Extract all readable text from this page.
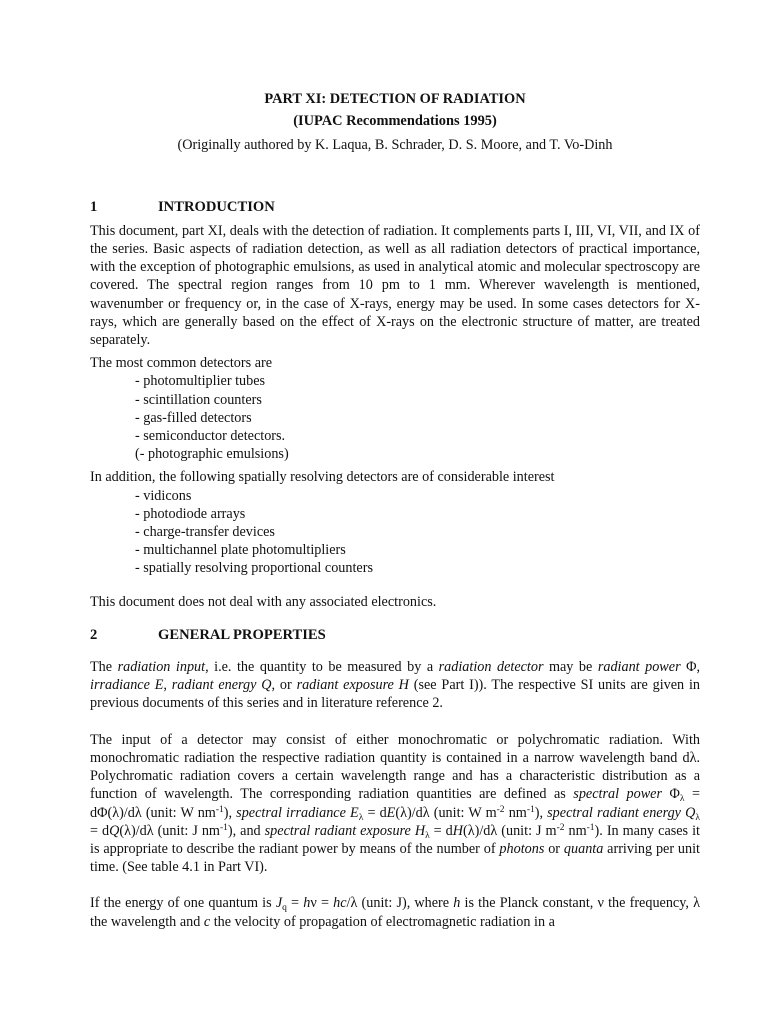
PART XI: DETECTION OF RADIATION

(IUPAC Recommendations 1995)

(Originally authored by K. Laqua, B. Schrader, D. S. Moore, and T. Vo-Dinh

1	INTRODUCTION

This document, part XI, deals with the detection of radiation. It complements parts I, III, VI, VII, and IX of the series. Basic aspects of radiation detection, as well as all radiation detectors of practical importance, with the exception of photographic emulsions, as used in analytical atomic and molecular spectroscopy are covered. The spectral region ranges from 10 pm to 1 mm. Wherever wavelength is mentioned, wavenumber or frequency or, in the case of X-rays, energy may be used. In some cases detectors for X-rays, which are generally based on the effect of X-rays on the electronic structure of matter, are treated separately.

The most common detectors are

- photomultiplier tubes
- scintillation counters
- gas-filled detectors
- semiconductor detectors.
(- photographic emulsions)

In addition, the following spatially resolving detectors are of considerable interest

- vidicons
- photodiode arrays
- charge-transfer devices
- multichannel plate photomultipliers
- spatially resolving proportional counters

This document does not deal with any associated electronics.

2	GENERAL PROPERTIES

The radiation input, i.e. the quantity to be measured by a radiation detector may be radiant power Φ, irradiance E, radiant energy Q, or radiant exposure H (see Part I)). The respective SI units are given in previous documents of this series and in literature reference 2.

The input of a detector may consist of either monochromatic or polychromatic radiation. With monochromatic radiation the respective radiation quantity is contained in a narrow wavelength band dλ. Polychromatic radiation covers a certain wavelength range and has a characteristic distribution as a function of wavelength. The corresponding radiation quantities are defined as spectral power $\Phi_\lambda = d\Phi(\lambda)/d\lambda$ (unit: W $nm^{-1}$), spectral irradiance $E_\lambda = dE(\lambda)/d\lambda$ (unit: W $m^{-2}$ $nm^{-1}$), spectral radiant energy $Q_\lambda = dQ(\lambda)/d\lambda$ (unit: J $nm^{-1}$), and spectral radiant exposure $H_\lambda = dH(\lambda)/d\lambda$ (unit: J $m^{-2}$ $nm^{-1}$). In many cases it is appropriate to describe the radiant power by means of the number of photons or quanta arriving per unit time. (See table 4.1 in Part VI).

If the energy of one quantum is $J_q = h\nu = hc/\lambda$ (unit: J), where h is the Planck constant, ν the frequency, λ the wavelength and c the velocity of propagation of electromagnetic radiation in a
